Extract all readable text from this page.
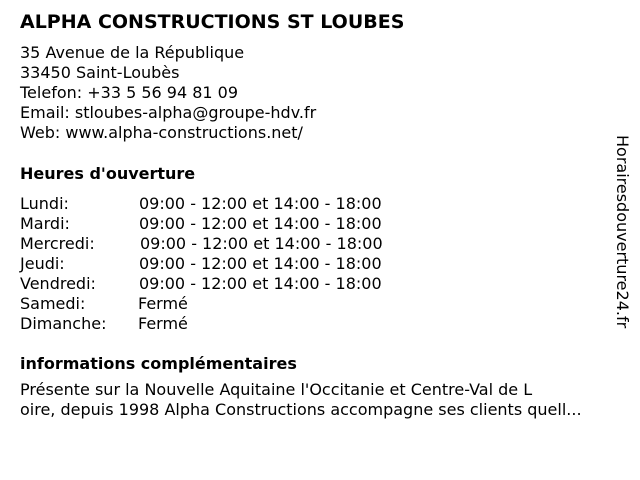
ALPHA CONSTRUCTIONS ST LOUBES
35 Avenue de la République
33450 Saint-Loubès
Telefon: +33 5 56 94 81 09
Email: stloubes-alpha@groupe-hdv.fr
Web: www.alpha-constructions.net/
Heures d'ouverture
Lundi:	09:00 - 12:00 et 14:00 - 18:00
Mardi:	09:00 - 12:00 et 14:00 - 18:00
Mercredi:	09:00 - 12:00 et 14:00 - 18:00
Jeudi:	09:00 - 12:00 et 14:00 - 18:00
Vendredi:	09:00 - 12:00 et 14:00 - 18:00
Samedi:	Fermé
Dimanche: Fermé
informations complémentaires
Présente sur la Nouvelle Aquitaine l'Occitanie et Centre-Val de L
oire, depuis 1998 Alpha Constructions accompagne ses clients quell...
Horairesdouverture24.fr
